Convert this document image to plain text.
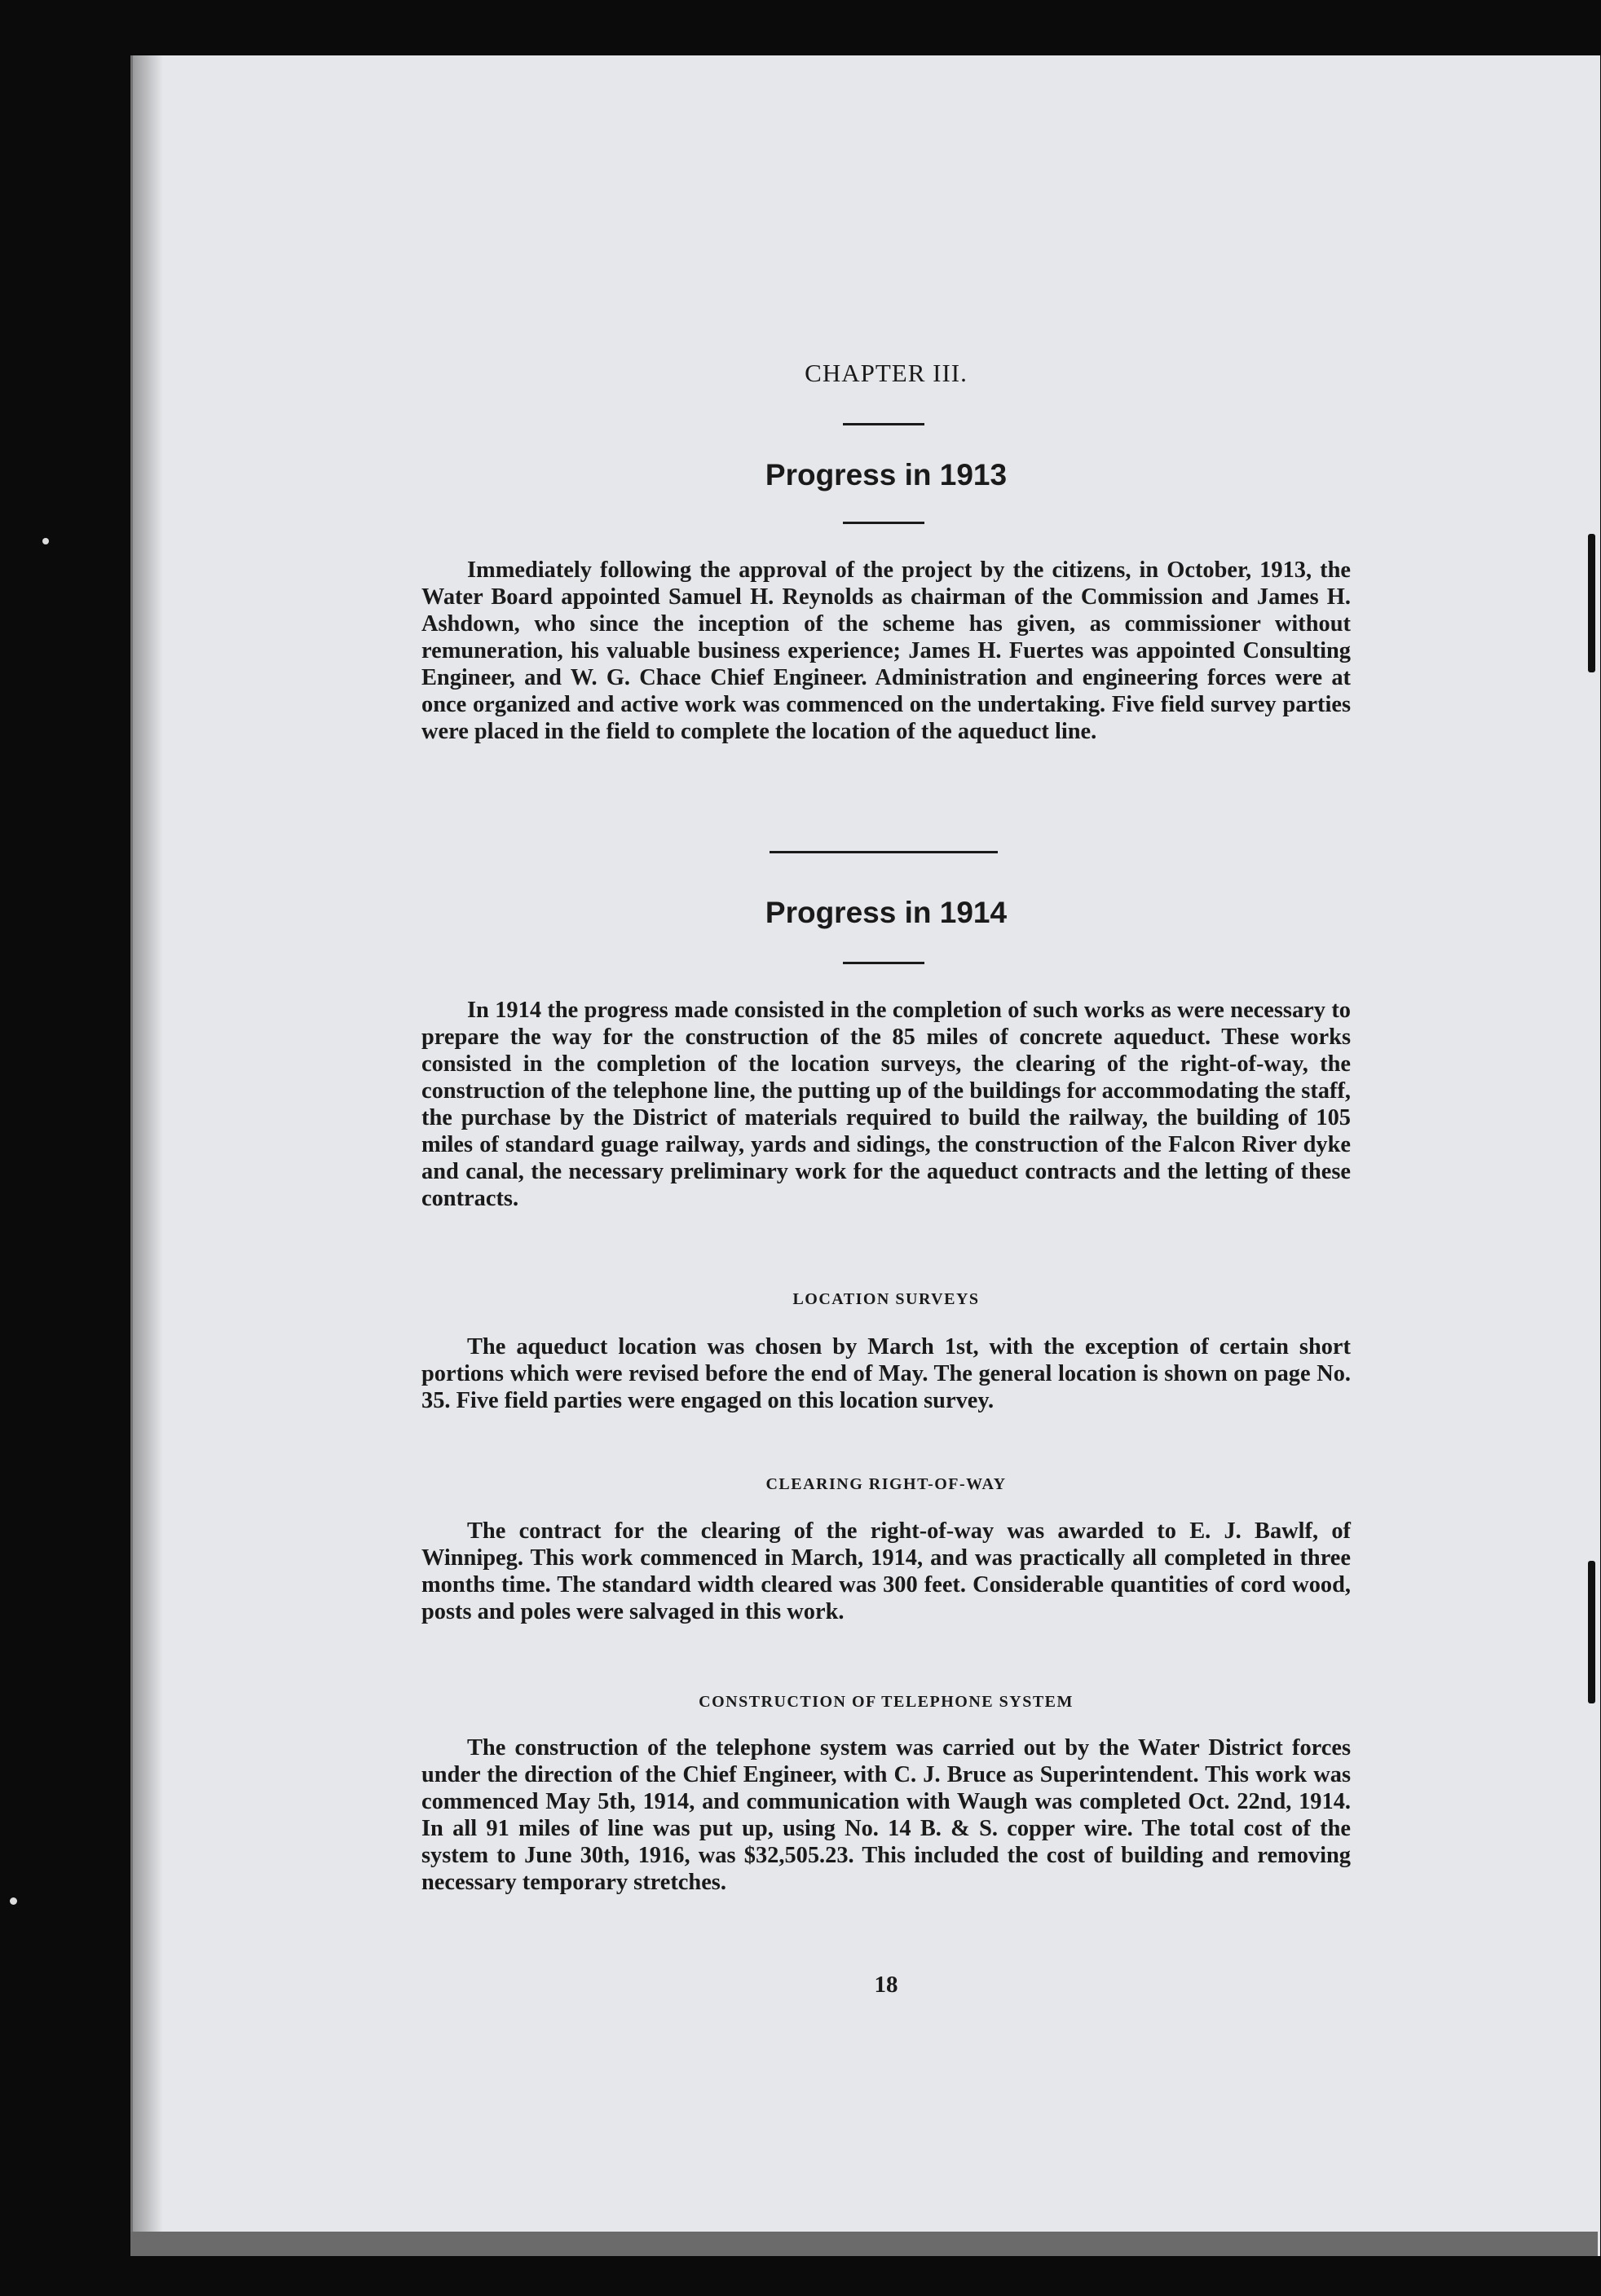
CHAPTER III.
Progress in 1913

Immediately following the approval of the project by the citizens, in October, 1913, the Water Board appointed Samuel H. Reynolds as chairman of the Commission and James H. Ashdown, who since the inception of the scheme has given, as commissioner without remuneration, his valuable business experience; James H. Fuertes was appointed Consulting Engineer, and W. G. Chace Chief Engineer. Administration and engineering forces were at once organized and active work was commenced on the undertaking. Five field survey parties were placed in the field to complete the location of the aqueduct line.

Progress in 1914

In 1914 the progress made consisted in the completion of such works as were necessary to prepare the way for the construction of the 85 miles of concrete aqueduct. These works consisted in the completion of the location surveys, the clearing of the right-of-way, the construction of the telephone line, the putting up of the buildings for accommodating the staff, the purchase by the District of materials required to build the railway, the building of 105 miles of standard guage railway, yards and sidings, the construction of the Falcon River dyke and canal, the necessary preliminary work for the aqueduct contracts and the letting of these contracts.

LOCATION SURVEYS

The aqueduct location was chosen by March 1st, with the exception of certain short portions which were revised before the end of May. The general location is shown on page No. 35. Five field parties were engaged on this location survey.

CLEARING RIGHT-OF-WAY

The contract for the clearing of the right-of-way was awarded to E. J. Bawlf, of Winnipeg. This work commenced in March, 1914, and was practically all completed in three months time. The standard width cleared was 300 feet. Considerable quantities of cord wood, posts and poles were salvaged in this work.

CONSTRUCTION OF TELEPHONE SYSTEM

The construction of the telephone system was carried out by the Water District forces under the direction of the Chief Engineer, with C. J. Bruce as Superintendent. This work was commenced May 5th, 1914, and communication with Waugh was completed Oct. 22nd, 1914. In all 91 miles of line was put up, using No. 14 B. & S. copper wire. The total cost of the system to June 30th, 1916, was $32,505.23. This included the cost of building and removing necessary temporary stretches.

18
